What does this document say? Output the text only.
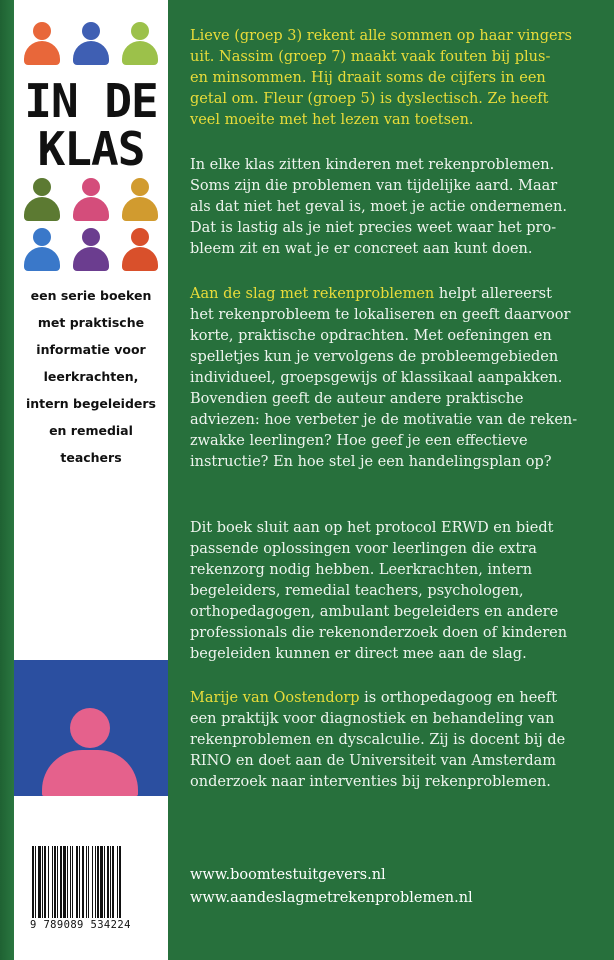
IN DE
KLAS
een serie boeken
met praktische
informatie voor
leerkrachten,
intern begeleiders
en remedial
teachers
9 789089 534224
Lieve (groep 3) rekent alle sommen op haar vingers
uit. Nassim (groep 7) maakt vaak fouten bij plus-
en minsommen. Hij draait soms de cijfers in een
getal om. Fleur (groep 5) is dyslectisch. Ze heeft
veel moeite met het lezen van toetsen.
In elke klas zitten kinderen met rekenproblemen.
Soms zijn die problemen van tijdelijke aard. Maar
als dat niet het geval is, moet je actie ondernemen.
Dat is lastig als je niet precies weet waar het pro-
bleem zit en wat je er concreet aan kunt doen.
Aan de slag met rekenproblemen helpt allereerst
het rekenprobleem te lokaliseren en geeft daarvoor
korte, praktische opdrachten. Met oefeningen en
spelletjes kun je vervolgens de probleemgebieden
individueel, groepsgewijs of klassikaal aanpakken.
Bovendien geeft de auteur andere praktische
adviezen: hoe verbeter je de motivatie van de reken-
zwakke leerlingen? Hoe geef je een effectieve
instructie? En hoe stel je een handelingsplan op?
Dit boek sluit aan op het protocol ERWD en biedt
passende oplossingen voor leerlingen die extra
rekenzorg nodig hebben. Leerkrachten, intern
begeleiders, remedial teachers, psychologen,
orthopedagogen, ambulant begeleiders en andere
professionals die rekenonderzoek doen of kinderen
begeleiden kunnen er direct mee aan de slag.
Marije van Oostendorp is orthopedagoog en heeft
een praktijk voor diagnostiek en behandeling van
rekenproblemen en dyscalculie. Zij is docent bij de
RINO en doet aan de Universiteit van Amsterdam
onderzoek naar interventies bij rekenproblemen.
www.boomtestuitgevers.nl
www.aandeslagmetrekenproblemen.nl
